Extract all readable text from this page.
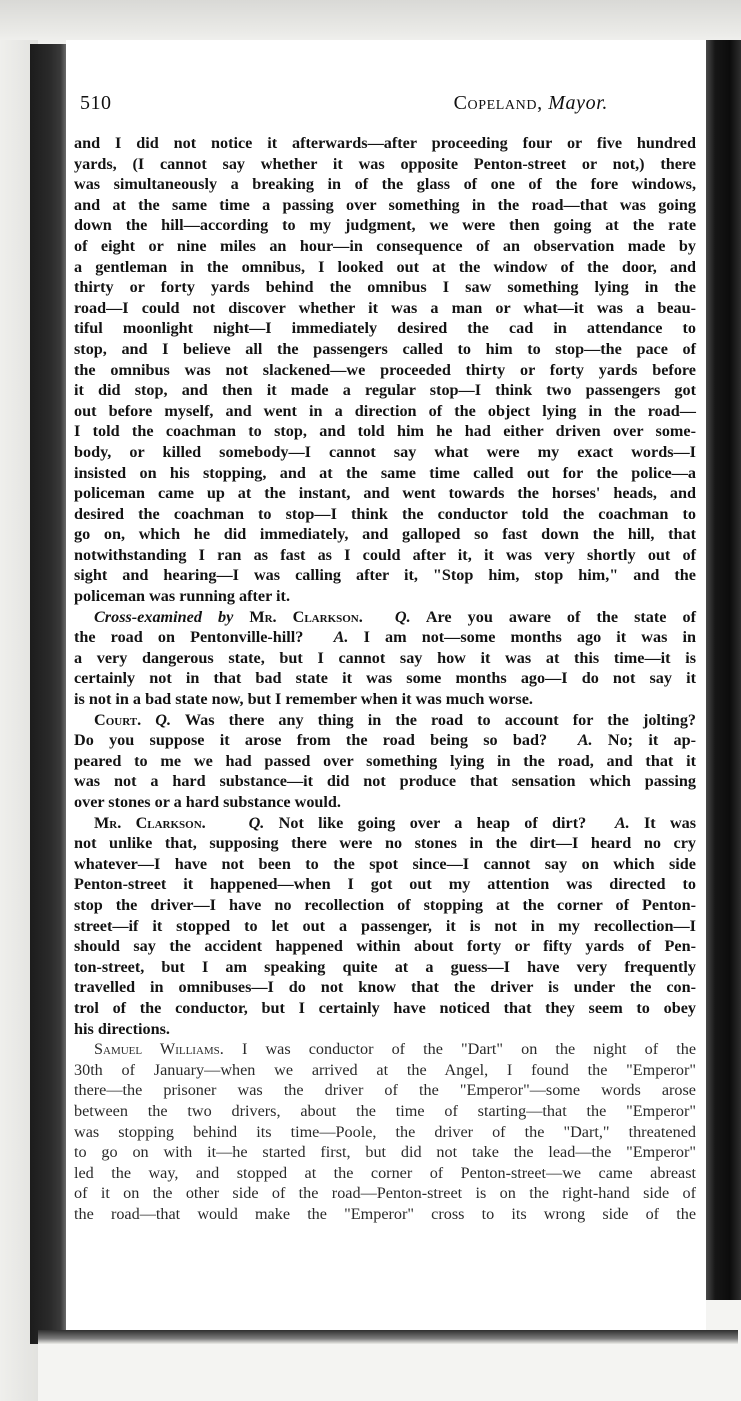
510	Copeland, Mayor.

and I did not notice it afterwards—after proceeding four or five hundred

yards, (I cannot say whether it was opposite Penton-street or not,) there

was simultaneously a breaking in of the glass of one of the fore windows,

and at the same time a passing over something in the road—that was going

down the hill—according to my judgment, we were then going at the rate

of eight or nine miles an hour—in consequence of an observation made by

a gentleman in the omnibus, I looked out at the window of the door, and

thirty or forty yards behind the omnibus I saw something lying in the

road—I could not discover whether it was a man or what—it was a beau-

tiful moonlight night—I immediately desired the cad in attendance to

stop, and I believe all the passengers called to him to stop—the pace of

the omnibus was not slackened—we proceeded thirty or forty yards before

it did stop, and then it made a regular stop—I think two passengers got

out before myself, and went in a direction of the object lying in the road—

I told the coachman to stop, and told him he had either driven over some-

body, or killed somebody—I cannot say what were my exact words—I

insisted on his stopping, and at the same time called out for the police—a

policeman came up at the instant, and went towards the horses' heads, and

desired the coachman to stop—I think the conductor told the coachman to

go on, which he did immediately, and galloped so fast down the hill, that

notwithstanding I ran as fast as I could after it, it was very shortly out of

sight and hearing—I was calling after it, "Stop him, stop him," and the

policeman was running after it.

Cross-examined by Mr. Clarkson. Q. Are you aware of the state of

the road on Pentonville-hill? A. I am not—some months ago it was in

a very dangerous state, but I cannot say how it was at this time—it is

certainly not in that bad state it was some months ago—I do not say it

is not in a bad state now, but I remember when it was much worse.

Court. Q. Was there any thing in the road to account for the jolting?

Do you suppose it arose from the road being so bad? A. No; it ap-

peared to me we had passed over something lying in the road, and that it

was not a hard substance—it did not produce that sensation which passing

over stones or a hard substance would.

Mr. Clarkson.	Q. Not like going over a heap of dirt? A. It was

not unlike that, supposing there were no stones in the dirt—I heard no cry

whatever—I have not been to the spot since—I cannot say on which side

Penton-street it happened—when I got out my attention was directed to

stop the driver—I have no recollection of stopping at the corner of Penton-

street—if it stopped to let out a passenger, it is not in my recollection—I

should say the accident happened within about forty or fifty yards of Pen-

ton-street, but I am speaking quite at a guess—I have very frequently

travelled in omnibuses—I do not know that the driver is under the con-

trol of the conductor, but I certainly have noticed that they seem to obey

his directions.

Samuel Williams. I was conductor of the "Dart" on the night of the

30th of January—when we arrived at the Angel, I found the "Emperor"

there—the prisoner was the driver of the "Emperor"—some words arose

between the two drivers, about the time of starting—that the "Emperor"

was stopping behind its time—Poole, the driver of the "Dart," threatened

to go on with it—he started first, but did not take the lead—the "Emperor"

led the way, and stopped at the corner of Penton-street—we came abreast

of it on the other side of the road—Penton-street is on the right-hand side of

the road—that would make the "Emperor" cross to its wrong side of the
